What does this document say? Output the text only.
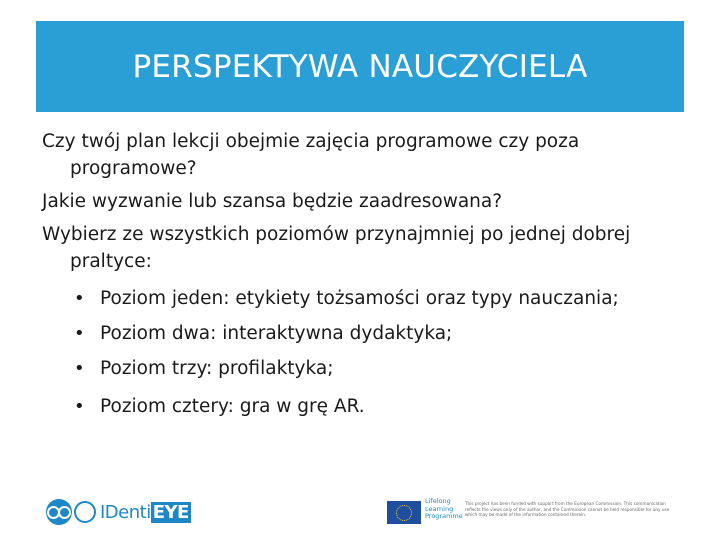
PERSPEKTYWA NAUCZYCIELA

Czy twój plan lekcji obejmie zajęcia programowe czy poza programowe?

Jakie wyzwanie lub szansa będzie zaadresowana?

Wybierz ze wszystkich poziomów przynajmniej po jednej dobrej praltyce:

• Poziom jeden: etykiety tożsamości oraz typy nauczania;
• Poziom dwa: interaktywna dydaktyka;
• Poziom trzy: profilaktyka;
• Poziom cztery: gra w grę AR.
IDenti EYE
Lifelong
Learning
Programme
This project has been funded with support from the European Commission. This communication reflects the views only of the author, and the Commission cannot be held responsible for any use which may be made of the information contained therein.
